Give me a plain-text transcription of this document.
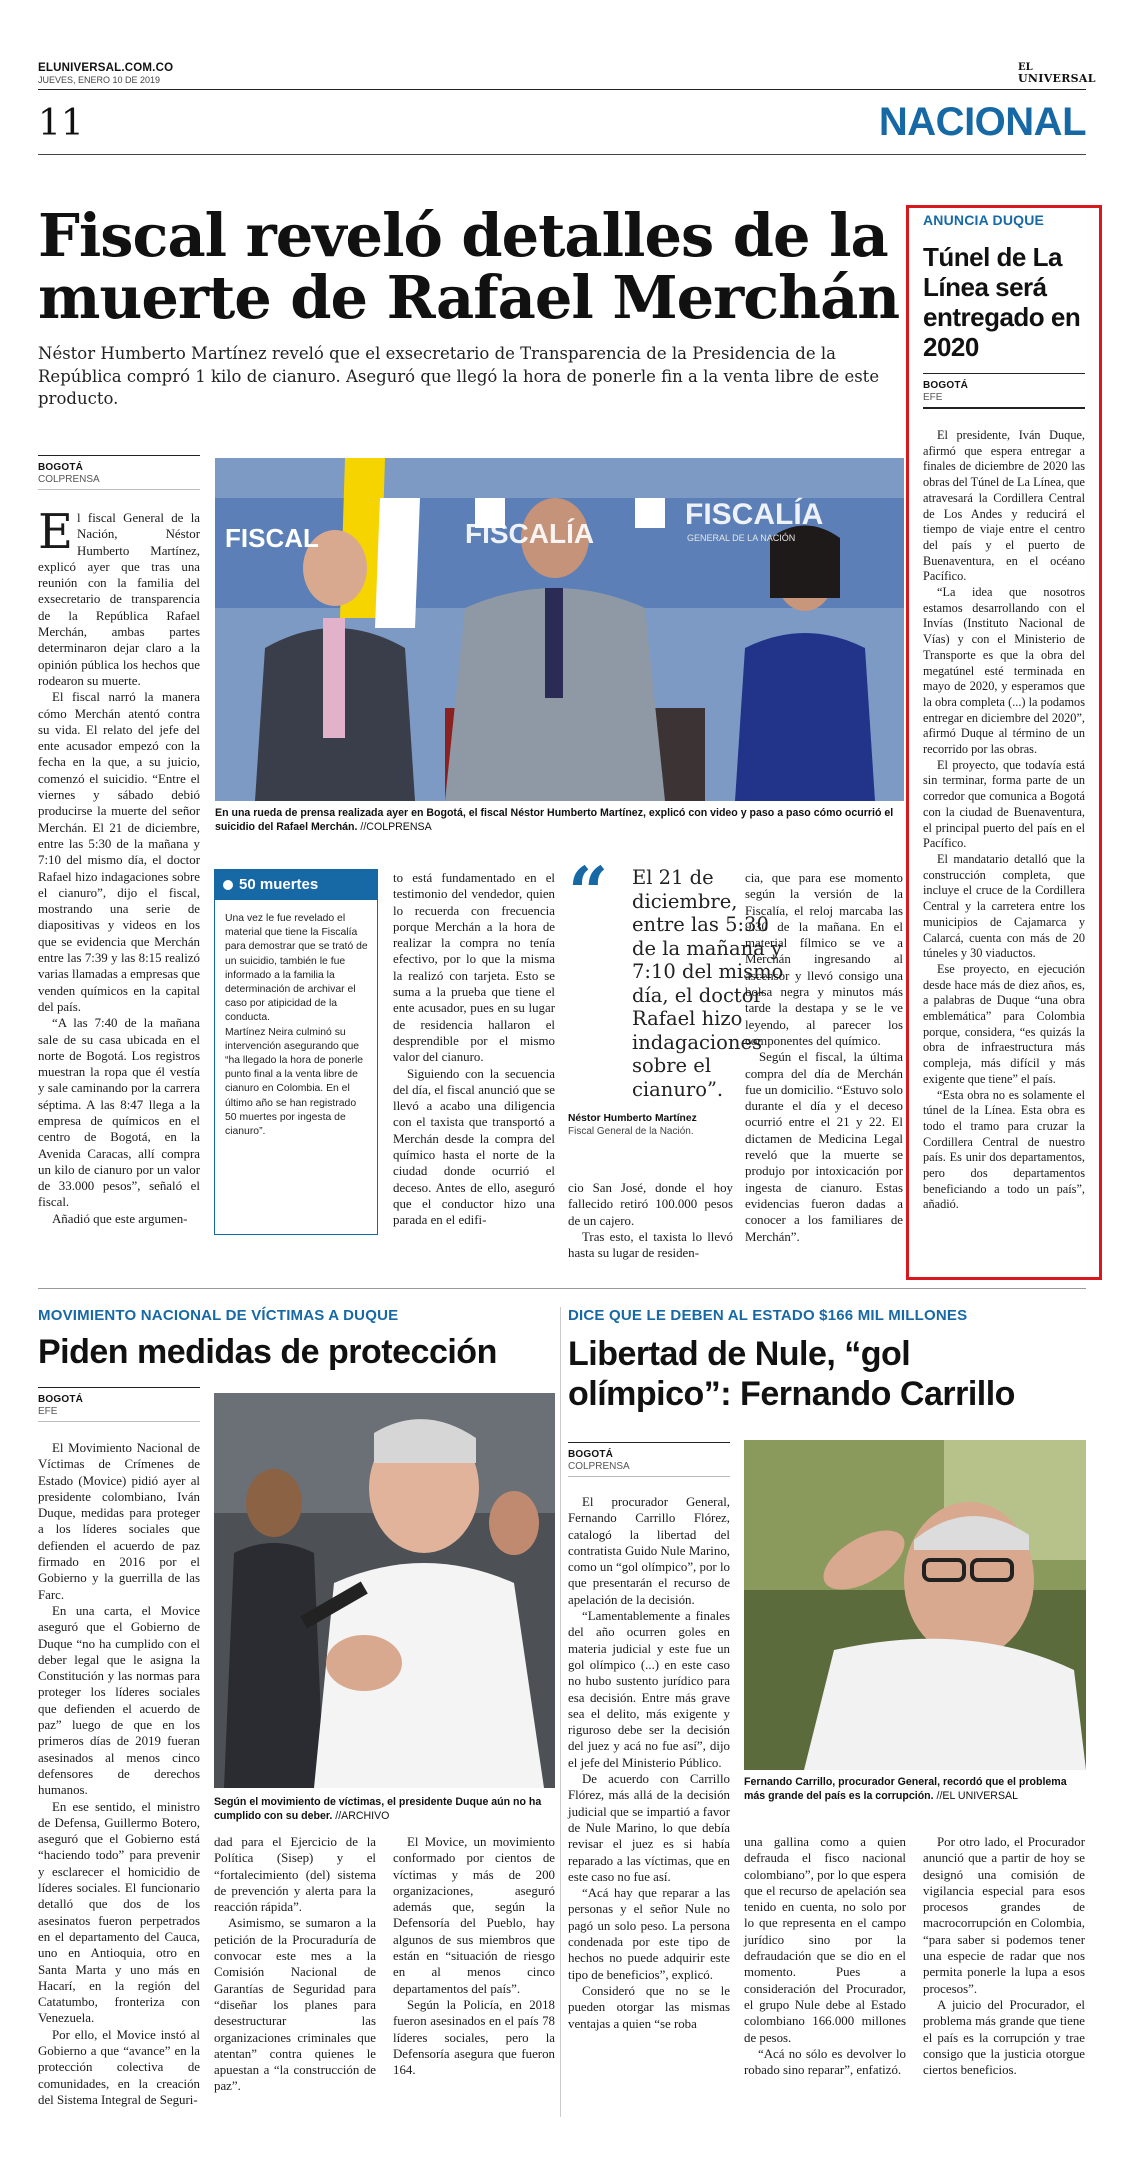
ELUNIVERSAL.COM.CO
JUEVES, ENERO 10 DE 2019
EL
UNIVERSAL
11	NACIONAL
Fiscal reveló detalles de la
muerte de Rafael Merchán
Néstor Humberto Martínez reveló que el exsecretario de Transparencia de la Presidencia de la República compró 1 kilo de cianuro. Aseguró que llegó la hora de ponerle fin a la venta libre de este producto.
BOGOTÁ
COLPRENSA
FISCAL	FISCALÍA
FISCALÍA
GENERAL DE LA NACIÓN
En una rueda de prensa realizada ayer en Bogotá, el fiscal Néstor Humberto Martínez, explicó con video y paso a paso cómo ocurrió el suicidio del Rafael Merchán. //COLPRENSA

El fiscal General de la Nación, Néstor Humberto Martínez, explicó ayer que tras una reunión con la familia del exsecretario de transparencia de la República Rafael Merchán, ambas partes determinaron dejar claro a la opinión pública los hechos que rodearon su muerte.

El fiscal narró la manera cómo Merchán atentó contra su vida. El relato del jefe del ente acusador empezó con la fecha en la que, a su juicio, comenzó el suicidio. “Entre el viernes y sábado debió producirse la muerte del señor Merchán. El 21 de diciembre, entre las 5:30 de la mañana y 7:10 del mismo día, el doctor Rafael hizo indagaciones sobre el cianuro”, dijo el fiscal, mostrando una serie de diapositivas y videos en los que se evidencia que Merchán entre las 7:39 y las 8:15 realizó varias llamadas a empresas que venden químicos en la capital del país.

“A las 7:40 de la mañana sale de su casa ubicada en el norte de Bogotá. Los registros muestran la ropa que él vestía y sale caminando por la carrera séptima. A las 8:47 llega a la empresa de químicos en el centro de Bogotá, en la Avenida Caracas, allí compra un kilo de cianuro por un valor de 33.000 pesos”, señaló el fiscal.

Añadió que este argumen-

50 muertes
Una vez le fue revelado el material que tiene la Fiscalía para demostrar que se trató de un suicidio, también le fue informado a la familia la determinación de archivar el caso por atipicidad de la conducta.
Martínez Neira culminó su intervención asegurando que “ha llegado la hora de ponerle punto final a la venta libre de cianuro en Colombia. En el último año se han registrado 50 muertes por ingesta de cianuro”.

to está fundamentado en el testimonio del vendedor, quien lo recuerda con frecuencia porque Merchán a la hora de realizar la compra no tenía efectivo, por lo que la misma la realizó con tarjeta. Esto se suma a la prueba que tiene el ente acusador, pues en su lugar de residencia hallaron el desprendible por el mismo valor del cianuro.

Siguiendo con la secuencia del día, el fiscal anunció que se llevó a acabo una diligencia con el taxista que transportó a Merchán desde la compra del químico hasta el norte de la ciudad donde ocurrió el deceso. Antes de ello, aseguró que el conductor hizo una parada en el edifi-

“ El 21 de diciembre, entre las 5:30 de la mañana y 7:10 del mismo día, el doctor Rafael hizo indagaciones sobre el cianuro”.
Néstor Humberto Martínez
Fiscal General de la Nación.

cio San José, donde el hoy fallecido retiró 100.000 pesos de un cajero.

Tras esto, el taxista lo llevó hasta su lugar de residen-

cia, que para ese momento según la versión de la Fiscalía, el reloj marcaba las 9:30 de la mañana. En el material fílmico se ve a Merchán ingresando al ascensor y llevó consigo una bolsa negra y minutos más tarde la destapa y se le ve leyendo, al parecer los componentes del químico.

Según el fiscal, la última compra del día de Merchán fue un domicilio. “Estuvo solo durante el día y el deceso ocurrió entre el 21 y 22. El dictamen de Medicina Legal reveló que la muerte se produjo por intoxicación por ingesta de cianuro. Estas evidencias fueron dadas a conocer a los familiares de Merchán”.

ANUNCIA DUQUE
Túnel de La Línea será entregado en 2020
BOGOTÁ
EFE

El presidente, Iván Duque, afirmó que espera entregar a finales de diciembre de 2020 las obras del Túnel de La Línea, que atravesará la Cordillera Central de Los Andes y reducirá el tiempo de viaje entre el centro del país y el puerto de Buenaventura, en el océano Pacífico.

“La idea que nosotros estamos desarrollando con el Invías (Instituto Nacional de Vías) y con el Ministerio de Transporte es que la obra del megatúnel esté terminada en mayo de 2020, y esperamos que la obra completa (...) la podamos entregar en diciembre del 2020”, afirmó Duque al término de un recorrido por las obras.

El proyecto, que todavía está sin terminar, forma parte de un corredor que comunica a Bogotá con la ciudad de Buenaventura, el principal puerto del país en el Pacífico.

El mandatario detalló que la construcción completa, que incluye el cruce de la Cordillera Central y la carretera entre los municipios de Cajamarca y Calarcá, cuenta con más de 20 túneles y 30 viaductos.

Ese proyecto, en ejecución desde hace más de diez años, es, a palabras de Duque “una obra emblemática” para Colombia porque, considera, “es quizás la obra de infraestructura más compleja, más difícil y más exigente que tiene” el país.

“Esta obra no es solamente el túnel de la Línea. Esta obra es todo el tramo para cruzar la Cordillera Central de nuestro país. Es unir dos departamentos, pero dos departamentos beneficiando a todo un país”, añadió.

MOVIMIENTO NACIONAL DE VÍCTIMAS A DUQUE
Piden medidas de protección
BOGOTÁ
EFE

El Movimiento Nacional de Víctimas de Crímenes de Estado (Movice) pidió ayer al presidente colombiano, Iván Duque, medidas para proteger a los líderes sociales que defienden el acuerdo de paz firmado en 2016 por el Gobierno y la guerrilla de las Farc.

En una carta, el Movice aseguró que el Gobierno de Duque “no ha cumplido con el deber legal que le asigna la Constitución y las normas para proteger los líderes sociales que defienden el acuerdo de paz” luego de que en los primeros días de 2019 fueran asesinados al menos cinco defensores de derechos humanos.

En ese sentido, el ministro de Defensa, Guillermo Botero, aseguró que el Gobierno está “haciendo todo” para prevenir y esclarecer el homicidio de líderes sociales. El funcionario detalló que dos de los asesinatos fueron perpetrados en el departamento del Cauca, uno en Antioquia, otro en Santa Marta y uno más en Hacarí, en la región del Catatumbo, fronteriza con Venezuela.

Por ello, el Movice instó al Gobierno a que “avance” en la protección colectiva de comunidades, en la creación del Sistema Integral de Seguri-

Según el movimiento de víctimas, el presidente Duque aún no ha cumplido con su deber. //ARCHIVO

dad para el Ejercicio de la Política (Sisep) y el “fortalecimiento (del) sistema de prevención y alerta para la reacción rápida”.

Asimismo, se sumaron a la petición de la Procuraduría de convocar este mes a la Comisión Nacional de Garantías de Seguridad para “diseñar los planes para desestructurar las organizaciones criminales que atentan” contra quienes le apuestan a “la construcción de paz”.

El Movice, un movimiento conformado por cientos de víctimas y más de 200 organizaciones, aseguró además que, según la Defensoría del Pueblo, hay algunos de sus miembros que están en “situación de riesgo en al menos cinco departamentos del país”.

Según la Policía, en 2018 fueron asesinados en el país 78 líderes sociales, pero la Defensoría asegura que fueron 164.

DICE QUE LE DEBEN AL ESTADO $166 MIL MILLONES
Libertad de Nule, “gol
olímpico”: Fernando Carrillo
BOGOTÁ
COLPRENSA

El procurador General, Fernando Carrillo Flórez, catalogó la libertad del contratista Guido Nule Marino, como un “gol olímpico”, por lo que presentarán el recurso de apelación de la decisión.

“Lamentablemente a finales del año ocurren goles en materia judicial y este fue un gol olímpico (...) en este caso no hubo sustento jurídico para esa decisión. Entre más grave sea el delito, más exigente y riguroso debe ser la decisión del juez y acá no fue así”, dijo el jefe del Ministerio Público.

De acuerdo con Carrillo Flórez, más allá de la decisión judicial que se impartió a favor de Nule Marino, lo que debía revisar el juez es si había reparado a las víctimas, que en este caso no fue así.

“Acá hay que reparar a las personas y el señor Nule no pagó un solo peso. La persona condenada por este tipo de hechos no puede adquirir este tipo de beneficios”, explicó.

Consideró que no se le pueden otorgar las mismas ventajas a quien “se roba

Fernando Carrillo, procurador General, recordó que el problema más grande del país es la corrupción. //EL UNIVERSAL

una gallina como a quien defrauda el fisco nacional colombiano”, por lo que espera que el recurso de apelación sea tenido en cuenta, no solo por lo que representa en el campo jurídico sino por la defraudación que se dio en el momento. Pues a consideración del Procurador, el grupo Nule debe al Estado colombiano 166.000 millones de pesos.

“Acá no sólo es devolver lo robado sino reparar”, enfatizó.

Por otro lado, el Procurador anunció que a partir de hoy se designó una comisión de vigilancia especial para esos procesos grandes de macrocorrupción en Colombia, “para saber si podemos tener una especie de radar que nos permita ponerle la lupa a esos procesos”.

A juicio del Procurador, el problema más grande que tiene el país es la corrupción y trae consigo que la justicia otorgue ciertos beneficios.
